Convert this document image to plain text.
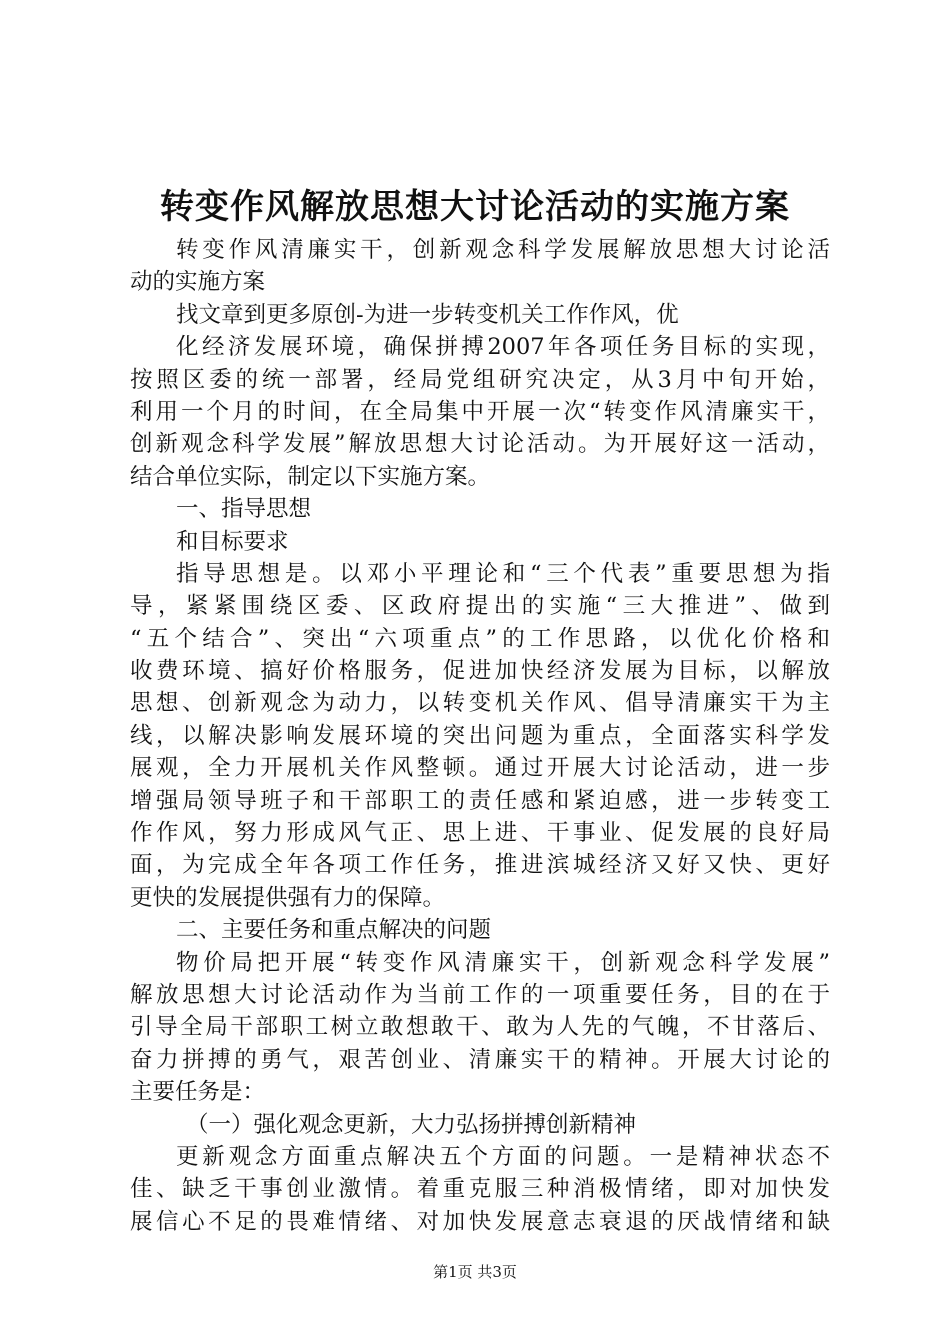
转变作风解放思想大讨论活动的实施方案
转变作风清廉实干，创新观念科学发展解放思想大讨论活
动的实施方案
找文章到更多原创-为进一步转变机关工作作风，优
化经济发展环境，确保拼搏2007年各项任务目标的实现，
按照区委的统一部署，经局党组研究决定，从3月中旬开始，
利用一个月的时间，在全局集中开展一次“转变作风清廉实干，
创新观念科学发展”解放思想大讨论活动。为开展好这一活动，
结合单位实际，制定以下实施方案。
一、指导思想
和目标要求
指导思想是。以邓小平理论和“三个代表”重要思想为指
导，紧紧围绕区委、区政府提出的实施“三大推进”、做到
“五个结合”、突出“六项重点”的工作思路，以优化价格和
收费环境、搞好价格服务，促进加快经济发展为目标，以解放
思想、创新观念为动力，以转变机关作风、倡导清廉实干为主
线，以解决影响发展环境的突出问题为重点，全面落实科学发
展观，全力开展机关作风整顿。通过开展大讨论活动，进一步
增强局领导班子和干部职工的责任感和紧迫感，进一步转变工
作作风，努力形成风气正、思上进、干事业、促发展的良好局
面，为完成全年各项工作任务，推进滨城经济又好又快、更好
更快的发展提供强有力的保障。
二、主要任务和重点解决的问题
物价局把开展“转变作风清廉实干，创新观念科学发展”
解放思想大讨论活动作为当前工作的一项重要任务，目的在于
引导全局干部职工树立敢想敢干、敢为人先的气魄，不甘落后、
奋力拼搏的勇气，艰苦创业、清廉实干的精神。开展大讨论的
主要任务是：
（一）强化观念更新，大力弘扬拼搏创新精神
更新观念方面重点解决五个方面的问题。一是精神状态不
佳、缺乏干事创业激情。着重克服三种消极情绪，即对加快发
展信心不足的畏难情绪、对加快发展意志衰退的厌战情绪和缺
第1页 共3页
